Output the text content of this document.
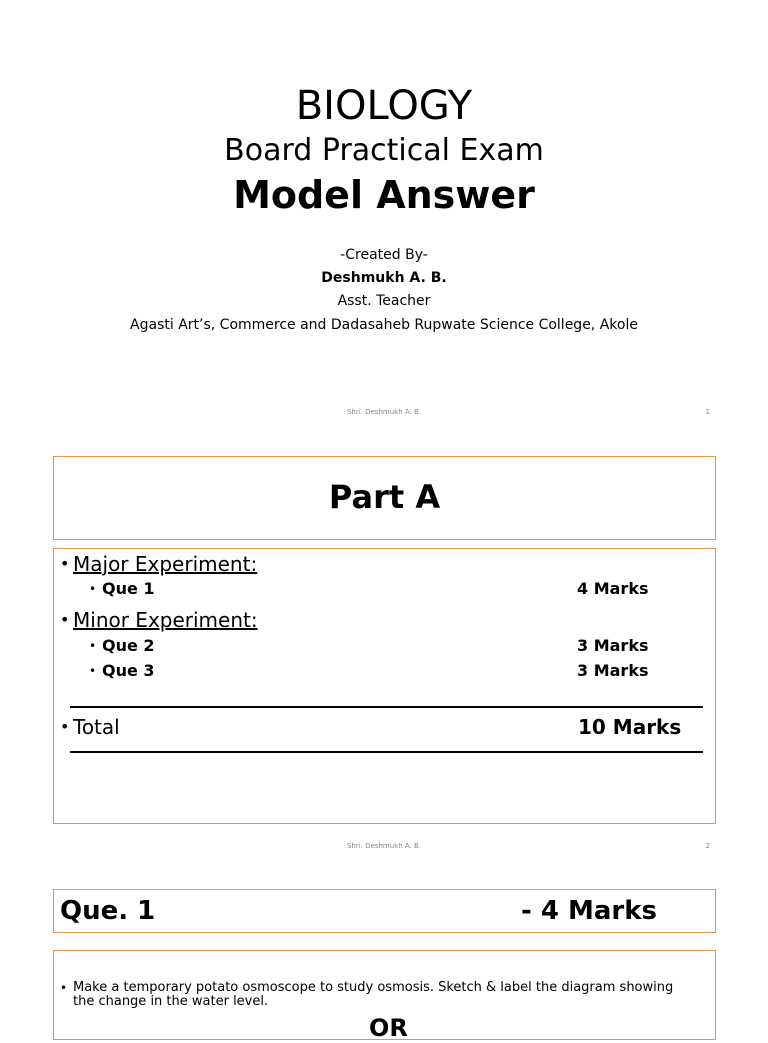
BIOLOGY
Board Practical Exam
Model Answer
-Created By-
Deshmukh A. B.
Asst. Teacher
Agasti Art’s, Commerce and Dadasaheb Rupwate Science College, Akole
Shri. Deshmukh A. B.	1
Part A
• Major Experiment:
• Que 1	4 Marks
• Minor Experiment:
• Que 2	3 Marks
• Que 3	3 Marks
• Total	10 Marks
Shri. Deshmukh A. B.	2
Que. 1	- 4 Marks
• Make a temporary potato osmoscope to study osmosis. Sketch & label the diagram showing the change in the water level.
OR
